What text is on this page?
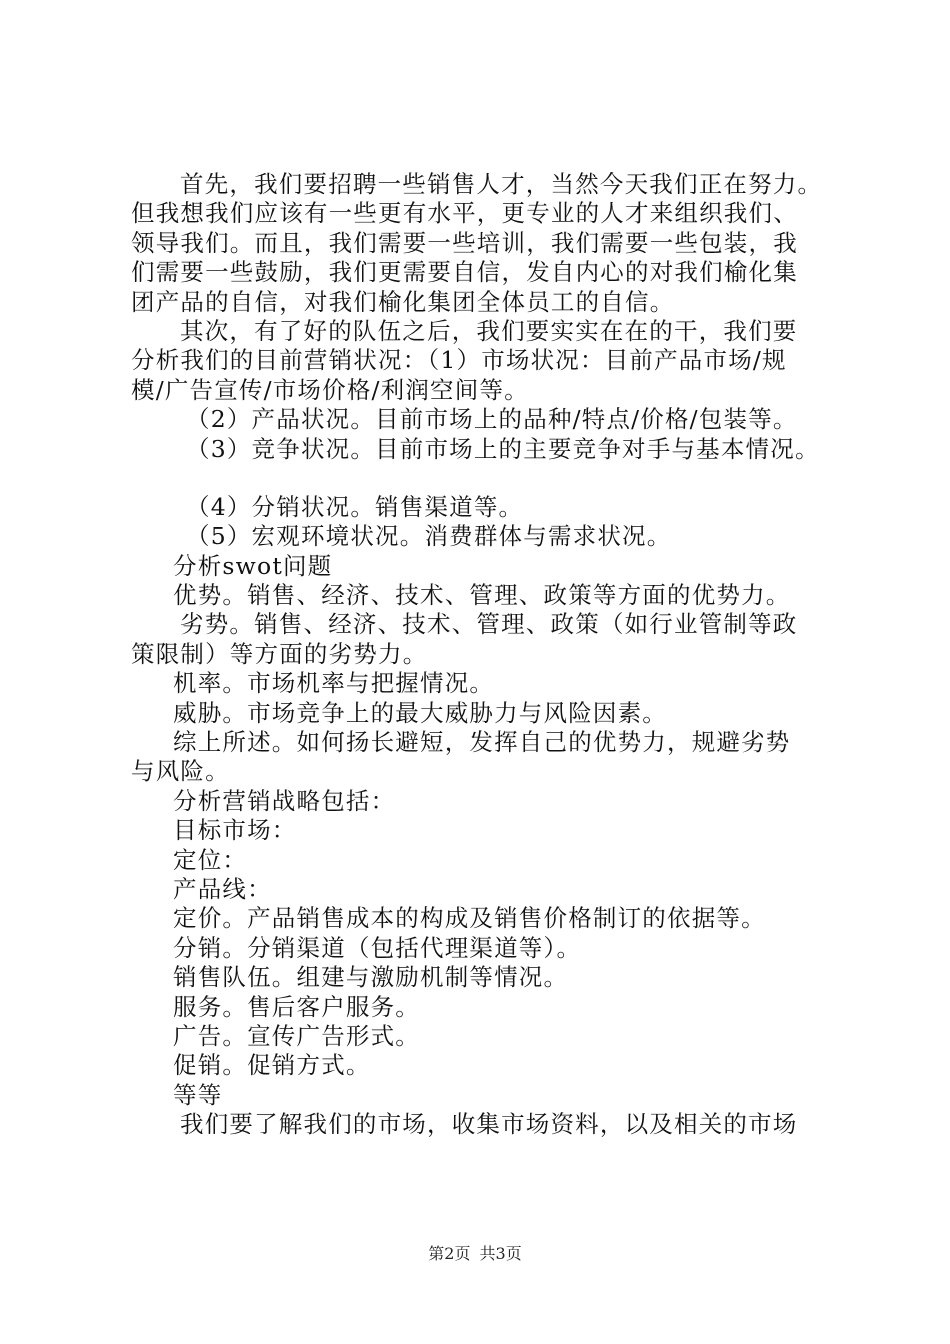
首先，我们要招聘一些销售人才，当然今天我们正在努力。
但我想我们应该有一些更有水平，更专业的人才来组织我们、
领导我们。而且，我们需要一些培训，我们需要一些包装，我
们需要一些鼓励，我们更需要自信，发自内心的对我们榆化集
团产品的自信，对我们榆化集团全体员工的自信。
其次，有了好的队伍之后，我们要实实在在的干，我们要
分析我们的目前营销状况：（1）市场状况：目前产品市场/规
模/广告宣传/市场价格/利润空间等。
（2）产品状况。目前市场上的品种/特点/价格/包装等。
（3）竞争状况。目前市场上的主要竞争对手与基本情况。
（4）分销状况。销售渠道等。
（5）宏观环境状况。消费群体与需求状况。
分析swot问题
优势。销售、经济、技术、管理、政策等方面的优势力。
劣势。销售、经济、技术、管理、政策（如行业管制等政
策限制）等方面的劣势力。
机率。市场机率与把握情况。
威胁。市场竞争上的最大威胁力与风险因素。
综上所述。如何扬长避短，发挥自己的优势力，规避劣势
与风险。
分析营销战略包括：
目标市场：
定位：
产品线：
定价。产品销售成本的构成及销售价格制订的依据等。
分销。分销渠道（包括代理渠道等）。
销售队伍。组建与激励机制等情况。
服务。售后客户服务。
广告。宣传广告形式。
促销。促销方式。
等等
我们要了解我们的市场，收集市场资料，以及相关的市场
第2页 共3页
